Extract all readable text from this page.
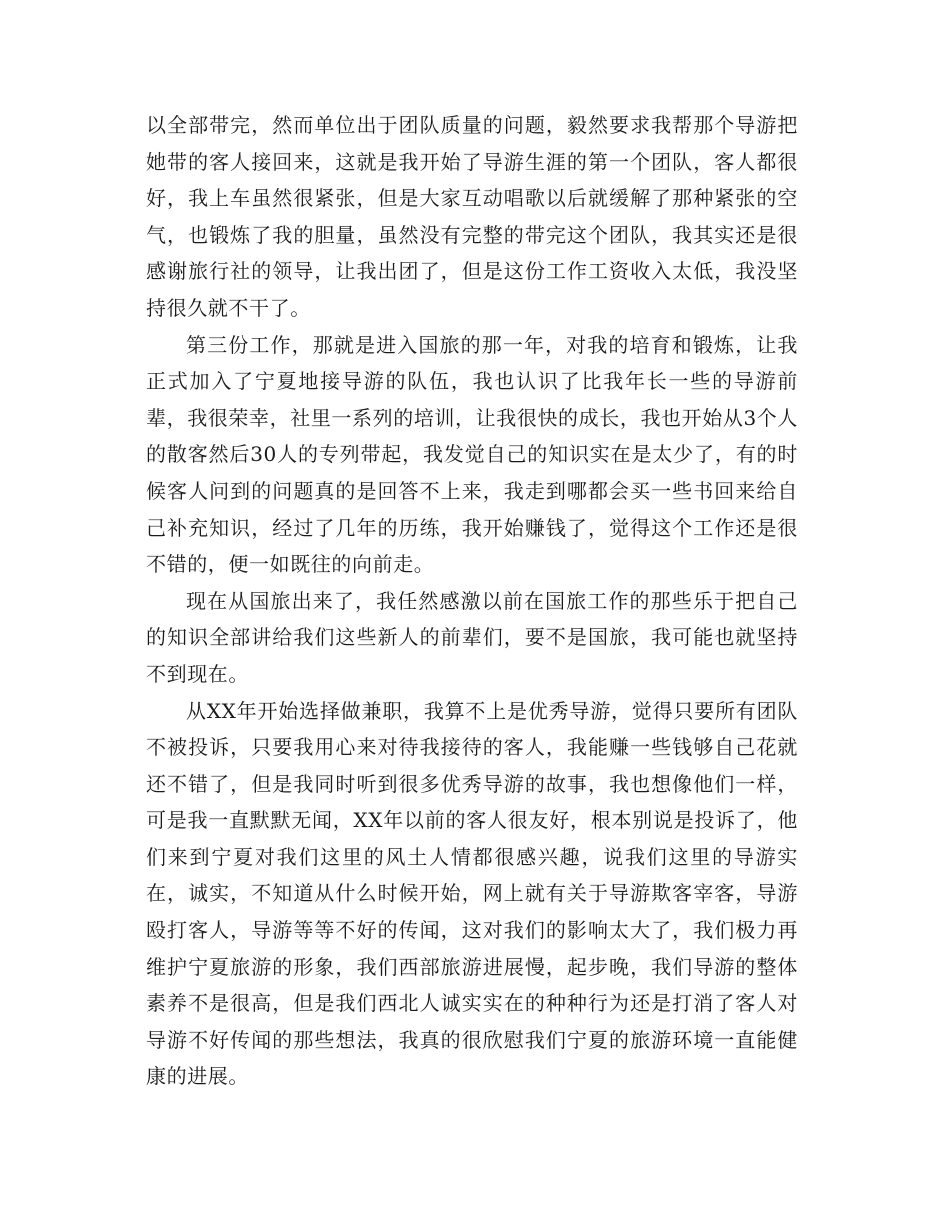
以全部带完，然而单位出于团队质量的问题，毅然要求我帮那个导游把她带的客人接回来，这就是我开始了导游生涯的第一个团队，客人都很好，我上车虽然很紧张，但是大家互动唱歌以后就缓解了那种紧张的空气，也锻炼了我的胆量，虽然没有完整的带完这个团队，我其实还是很感谢旅行社的领导，让我出团了，但是这份工作工资收入太低，我没坚持很久就不干了。

第三份工作，那就是进入国旅的那一年，对我的培育和锻炼，让我正式加入了宁夏地接导游的队伍，我也认识了比我年长一些的导游前辈，我很荣幸，社里一系列的培训，让我很快的成长，我也开始从3个人的散客然后30人的专列带起，我发觉自己的知识实在是太少了，有的时候客人问到的问题真的是回答不上来，我走到哪都会买一些书回来给自己补充知识，经过了几年的历练，我开始赚钱了，觉得这个工作还是很不错的，便一如既往的向前走。

现在从国旅出来了，我任然感激以前在国旅工作的那些乐于把自己的知识全部讲给我们这些新人的前辈们，要不是国旅，我可能也就坚持不到现在。

从XX年开始选择做兼职，我算不上是优秀导游，觉得只要所有团队不被投诉，只要我用心来对待我接待的客人，我能赚一些钱够自己花就还不错了，但是我同时听到很多优秀导游的故事，我也想像他们一样，可是我一直默默无闻，XX年以前的客人很友好，根本别说是投诉了，他们来到宁夏对我们这里的风土人情都很感兴趣，说我们这里的导游实在，诚实，不知道从什么时候开始，网上就有关于导游欺客宰客，导游殴打客人，导游等等不好的传闻，这对我们的影响太大了，我们极力再维护宁夏旅游的形象，我们西部旅游进展慢，起步晚，我们导游的整体素养不是很高，但是我们西北人诚实实在的种种行为还是打消了客人对导游不好传闻的那些想法，我真的很欣慰我们宁夏的旅游环境一直能健康的进展。
